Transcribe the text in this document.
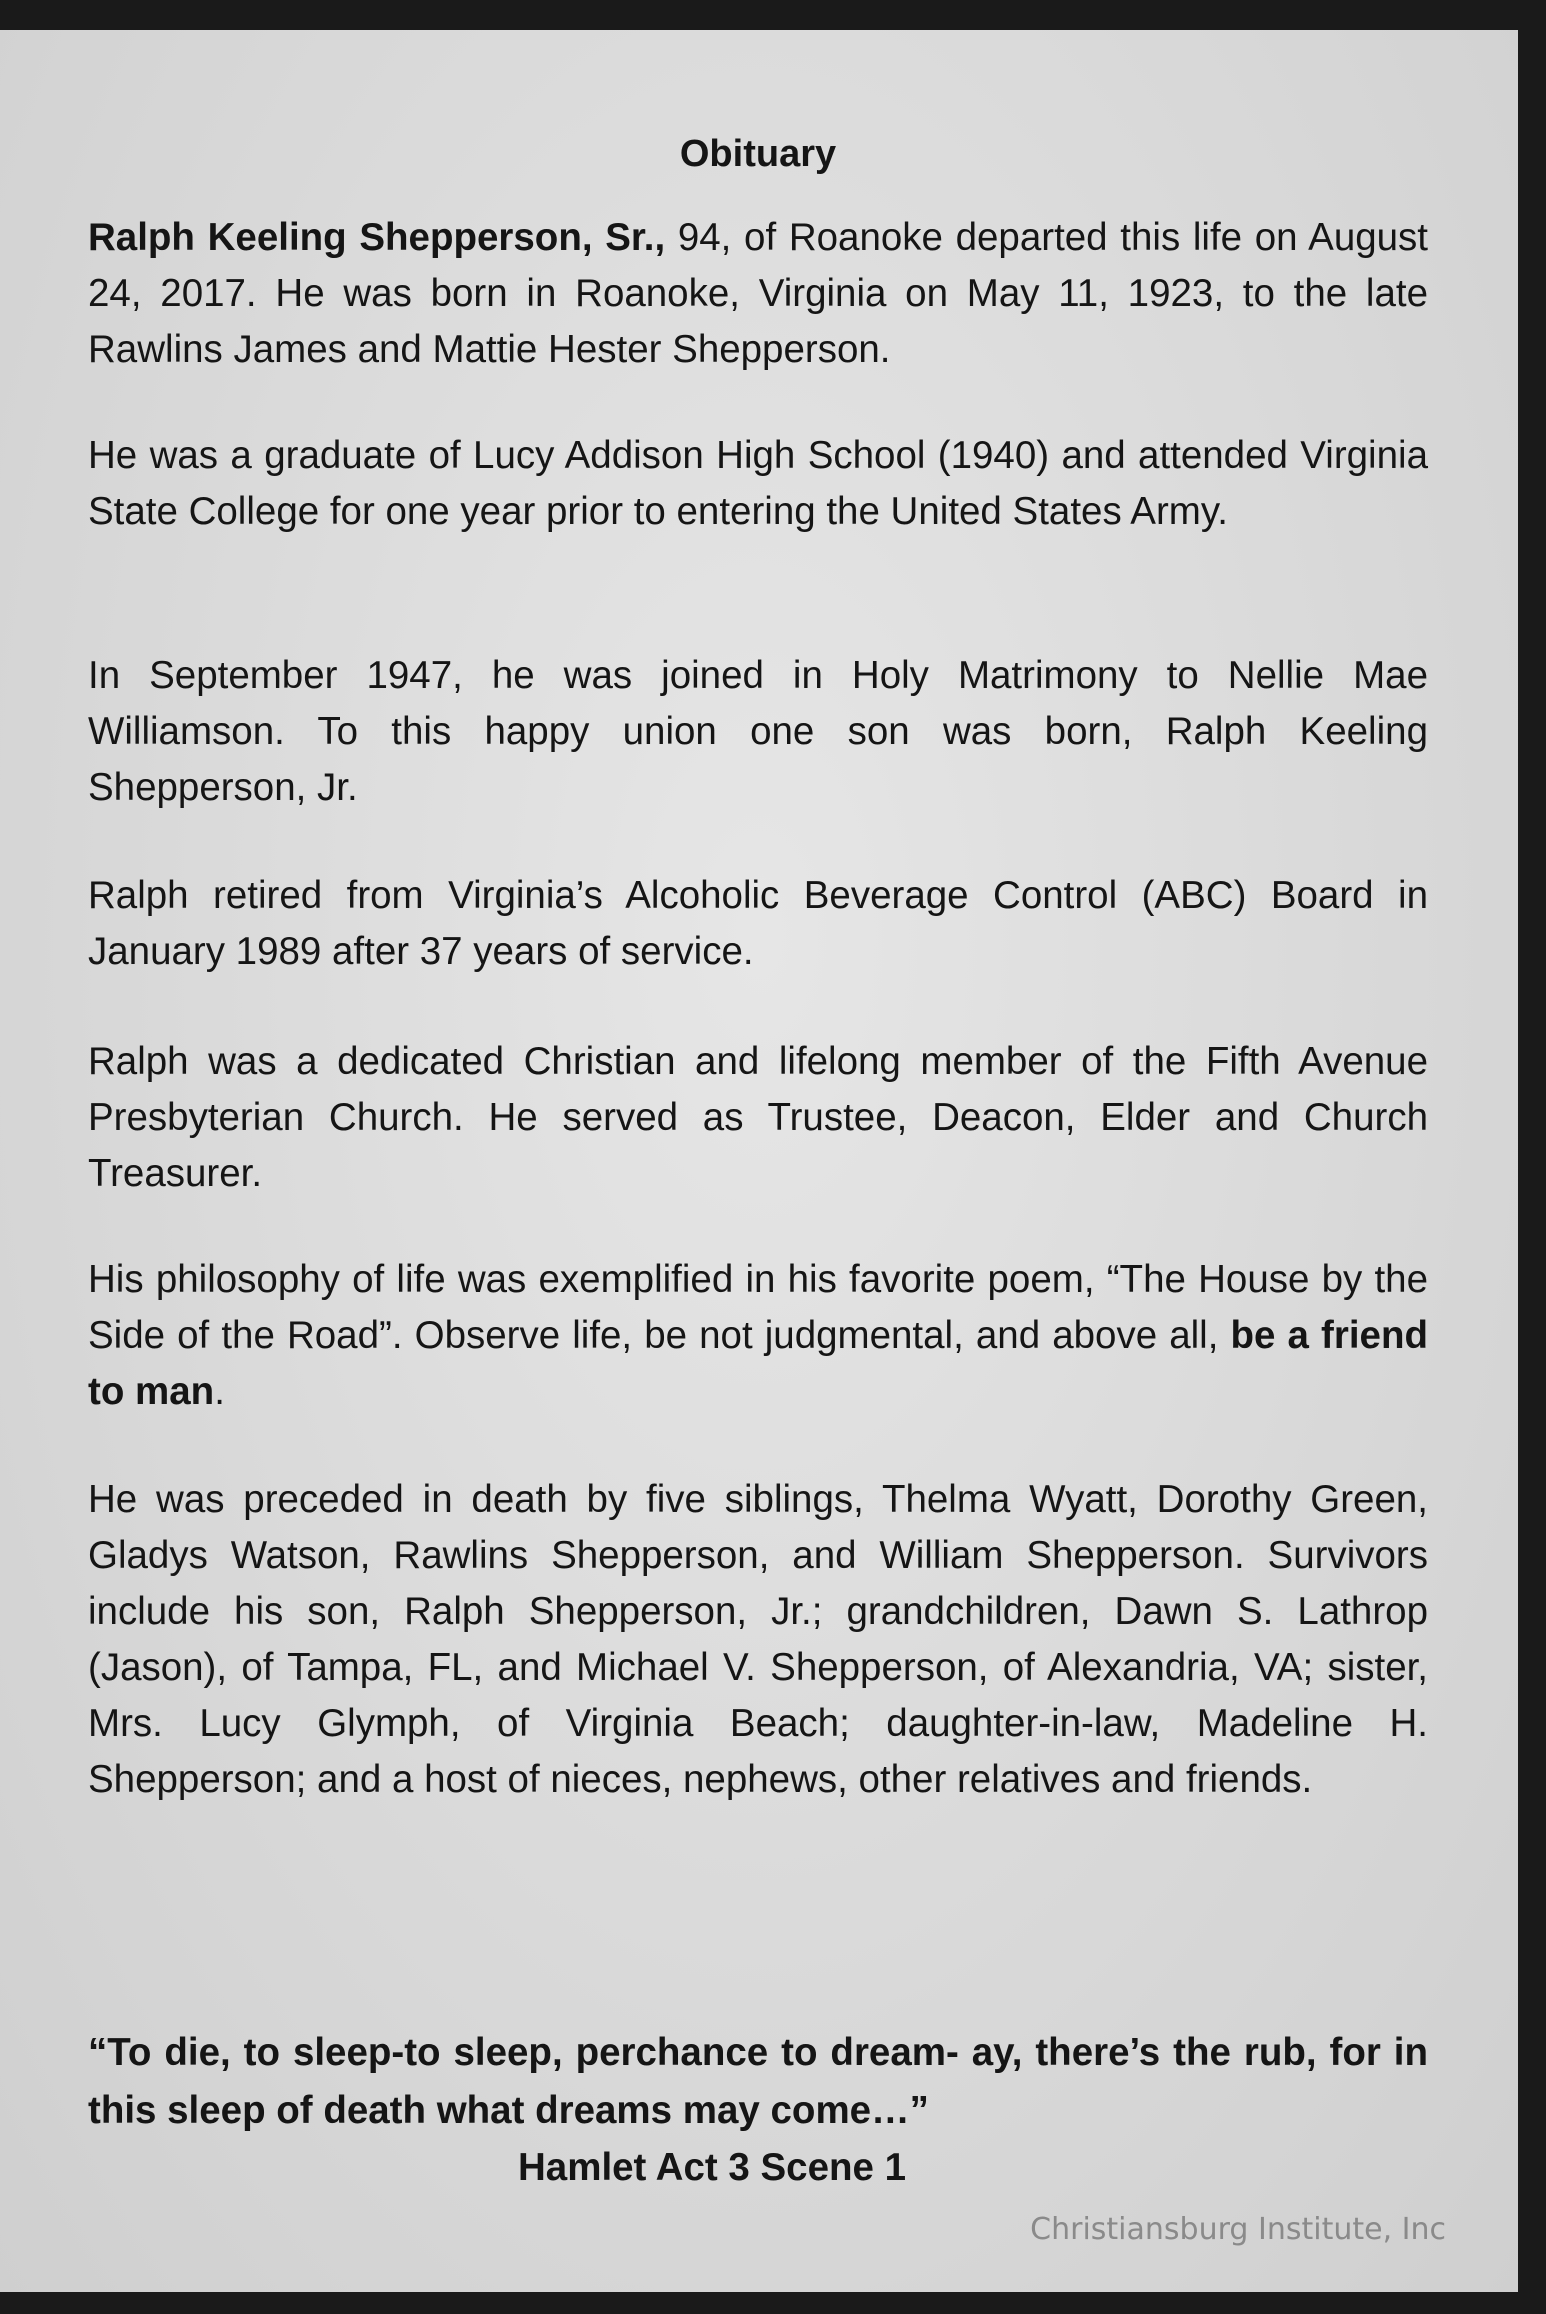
Obituary

Ralph Keeling Shepperson, Sr., 94, of Roanoke departed this life on August 24, 2017. He was born in Roanoke, Virginia on May 11, 1923, to the late Rawlins James and Mattie Hester Shepperson.

He was a graduate of Lucy Addison High School (1940) and attended Virginia State College for one year prior to entering the United States Army.

In September 1947, he was joined in Holy Matrimony to Nellie Mae Williamson. To this happy union one son was born, Ralph Keeling Shepperson, Jr.

Ralph retired from Virginia’s Alcoholic Beverage Control (ABC) Board in January 1989 after 37 years of service.

Ralph was a dedicated Christian and lifelong member of the Fifth Avenue Presbyterian Church. He served as Trustee, Deacon, Elder and Church Treasurer.

His philosophy of life was exemplified in his favorite poem, “The House by the Side of the Road”. Observe life, be not judgmental, and above all, be a friend to man.

He was preceded in death by five siblings, Thelma Wyatt, Dorothy Green, Gladys Watson, Rawlins Shepperson, and William Shepperson. Survivors include his son, Ralph Shepperson, Jr.; grandchildren, Dawn S. Lathrop (Jason), of Tampa, FL, and Michael V. Shepperson, of Alexandria, VA; sister, Mrs. Lucy Glymph, of Virginia Beach; daughter-in-law, Madeline H. Shepperson; and a host of nieces, nephews, other relatives and friends.

“To die, to sleep-to sleep, perchance to dream- ay, there’s the rub, for in this sleep of death what dreams may come…”

Hamlet Act 3 Scene 1
Christiansburg Institute, Inc
